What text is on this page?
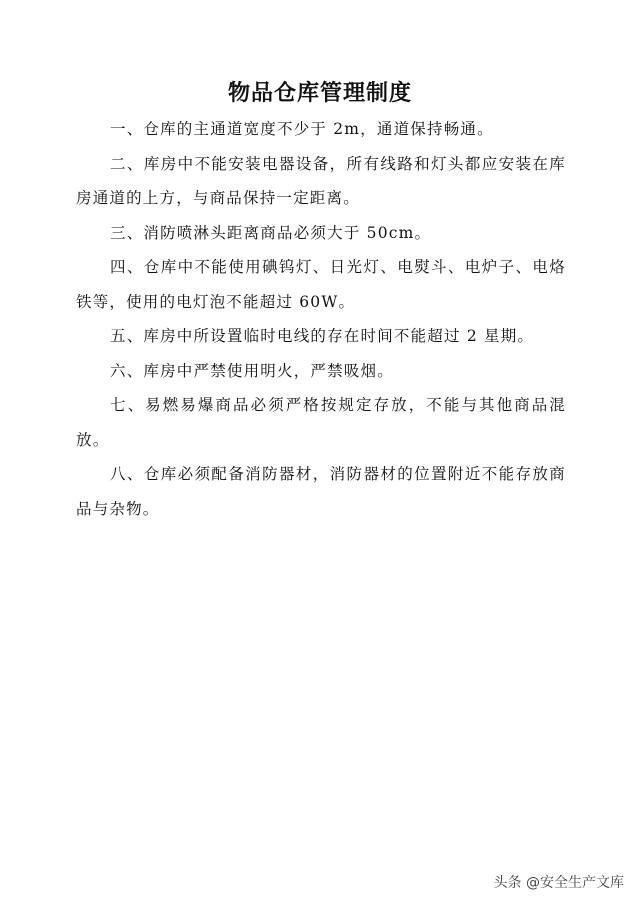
物品仓库管理制度

一、仓库的主通道宽度不少于 2m，通道保持畅通。

二、库房中不能安装电器设备，所有线路和灯头都应安装在库房通道的上方，与商品保持一定距离。

三、消防喷淋头距离商品必须大于 50cm。

四、仓库中不能使用碘钨灯、日光灯、电熨斗、电炉子、电烙铁等，使用的电灯泡不能超过 60W。

五、库房中所设置临时电线的存在时间不能超过 2 星期。

六、库房中严禁使用明火，严禁吸烟。

七、易燃易爆商品必须严格按规定存放，不能与其他商品混放。

八、仓库必须配备消防器材，消防器材的位置附近不能存放商品与杂物。

头条 @安全生产文库
